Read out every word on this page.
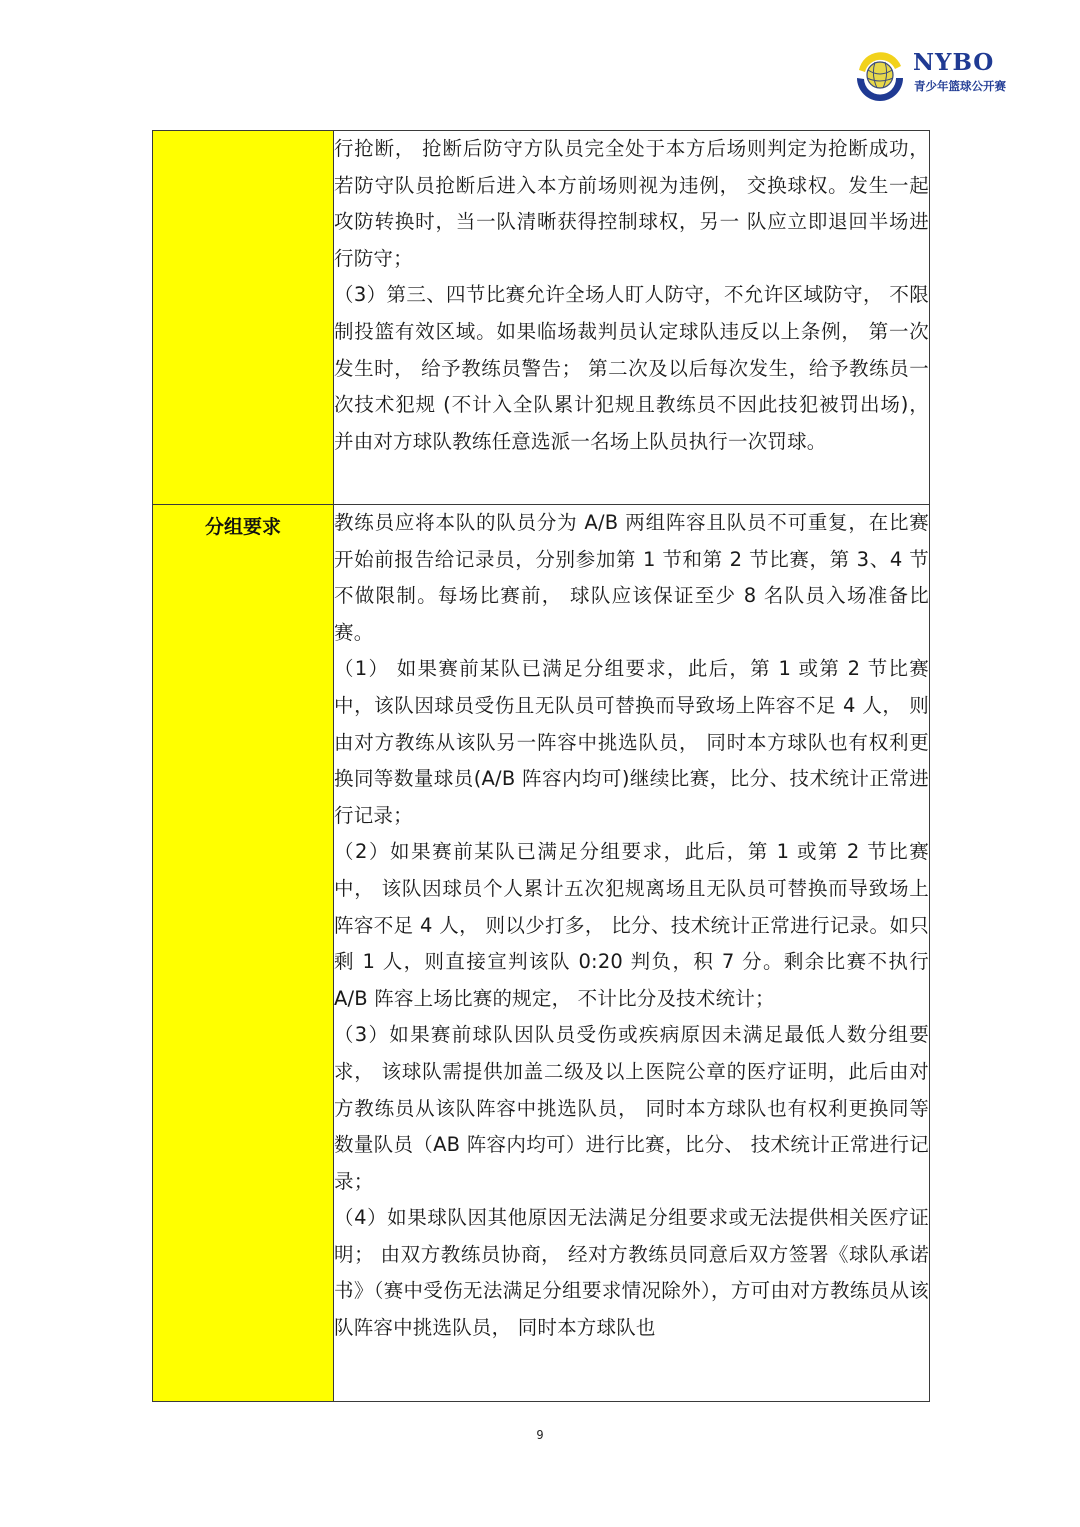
NYBO
青少年篮球公开赛

	行抢断， 抢断后防守方队员完全处于本方后场则判定为抢断成功， 若防守队员抢断后进入本方前场则视为违例， 交换球权。发生一起攻防转换时，当一队清晰获得控制球权，另一 队应立即退回半场进行防守；

（3）第三、四节比赛允许全场人盯人防守，不允许区域防守， 不限制投篮有效区域。如果临场裁判员认定球队违反以上条例， 第一次发生时， 给予教练员警告； 第二次及以后每次发生，给予教练员一次技术犯规 (不计入全队累计犯规且教练员不因此技犯被罚出场)， 并由对方球队教练任意选派一名场上队员执行一次罚球。

分组要求	教练员应将本队的队员分为 A/B 两组阵容且队员不可重复，在比赛开始前报告给记录员，分别参加第 1 节和第 2 节比赛，第 3、4 节不做限制。每场比赛前， 球队应该保证至少 8 名队员入场准备比赛。

（1） 如果赛前某队已满足分组要求，此后，第 1 或第 2 节比赛中，该队因球员受伤且无队员可替换而导致场上阵容不足 4 人， 则由对方教练从该队另一阵容中挑选队员， 同时本方球队也有权利更换同等数量球员(A/B 阵容内均可)继续比赛，比分、技术统计正常进行记录；

（2）如果赛前某队已满足分组要求，此后，第 1 或第 2 节比赛中， 该队因球员个人累计五次犯规离场且无队员可替换而导致场上阵容不足 4 人， 则以少打多， 比分、技术统计正常进行记录。如只剩 1 人，则直接宣判该队 0:20 判负，积 7 分。剩余比赛不执行 A/B 阵容上场比赛的规定， 不计比分及技术统计；

（3）如果赛前球队因队员受伤或疾病原因未满足最低人数分组要求， 该球队需提供加盖二级及以上医院公章的医疗证明，此后由对方教练员从该队阵容中挑选队员， 同时本方球队也有权利更换同等数量队员（AB 阵容内均可）进行比赛，比分、 技术统计正常进行记录；

（4）如果球队因其他原因无法满足分组要求或无法提供相关医疗证明； 由双方教练员协商， 经对方教练员同意后双方签署《球队承诺书》（赛中受伤无法满足分组要求情况除外），方可由对方教练员从该队阵容中挑选队员， 同时本方球队也

9
